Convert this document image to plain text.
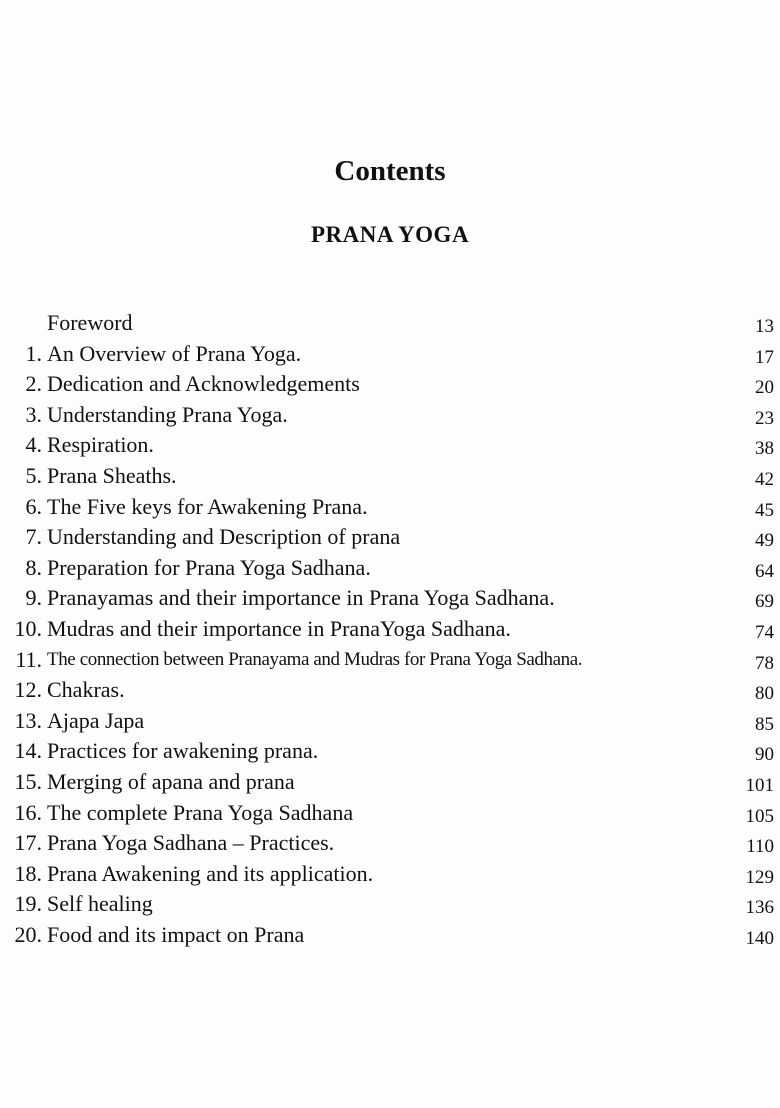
Contents
PRANA YOGA
Foreword	13
1. An Overview of Prana Yoga.	17
2. Dedication and Acknowledgements	20
3. Understanding Prana Yoga.	23
4. Respiration.	38
5. Prana Sheaths.	42
6. The Five keys for Awakening Prana.	45
7. Understanding and Description of prana	49
8. Preparation for Prana Yoga Sadhana.	64
9. Pranayamas and their importance in Prana Yoga Sadhana.	69
10. Mudras and their importance in PranaYoga Sadhana.	74
11. The connection between Pranayama and Mudras for Prana Yoga Sadhana.	78
12. Chakras.	80
13. Ajapa Japa	85
14. Practices for awakening prana.	90
15. Merging of apana and prana	101
16. The complete Prana Yoga Sadhana	105
17. Prana Yoga Sadhana – Practices.	110
18. Prana Awakening and its application.	129
19. Self healing	136
20. Food and its impact on Prana	140
